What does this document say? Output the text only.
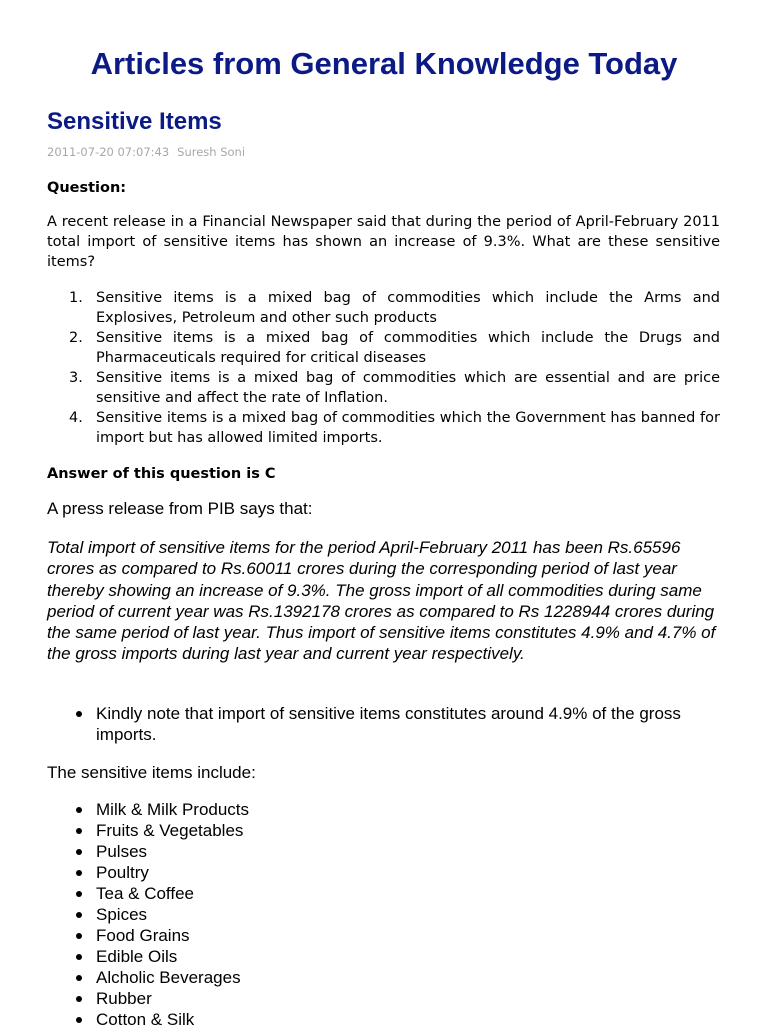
Articles from General Knowledge Today
Sensitive Items
2011-07-20 07:07:43 Suresh Soni

Question:

A recent release in a Financial Newspaper said that during the period of April-February 2011 total import of sensitive items has shown an increase of 9.3%. What are these sensitive items?

1. Sensitive items is a mixed bag of commodities which include the Arms and Explosives, Petroleum and other such products
2. Sensitive items is a mixed bag of commodities which include the Drugs and Pharmaceuticals required for critical diseases
3. Sensitive items is a mixed bag of commodities which are essential and are price sensitive and affect the rate of Inflation.
4. Sensitive items is a mixed bag of commodities which the Government has banned for import but has allowed limited imports.

Answer of this question is C

A press release from PIB says that:

Total import of sensitive items for the period April-February 2011 has been Rs.65596 crores as compared to Rs.60011 crores during the corresponding period of last year thereby showing an increase of 9.3%. The gross import of all commodities during same period of current year was Rs.1392178 crores as compared to Rs 1228944 crores during the same period of last year. Thus import of sensitive items constitutes 4.9% and 4.7% of the gross imports during last year and current year respectively.

Kindly note that import of sensitive items constitutes around 4.9% of the gross imports.

The sensitive items include:

Milk & Milk Products
Fruits & Vegetables
Pulses
Poultry
Tea & Coffee
Spices
Food Grains
Edible Oils
Alcholic Beverages
Rubber
Cotton & Silk
